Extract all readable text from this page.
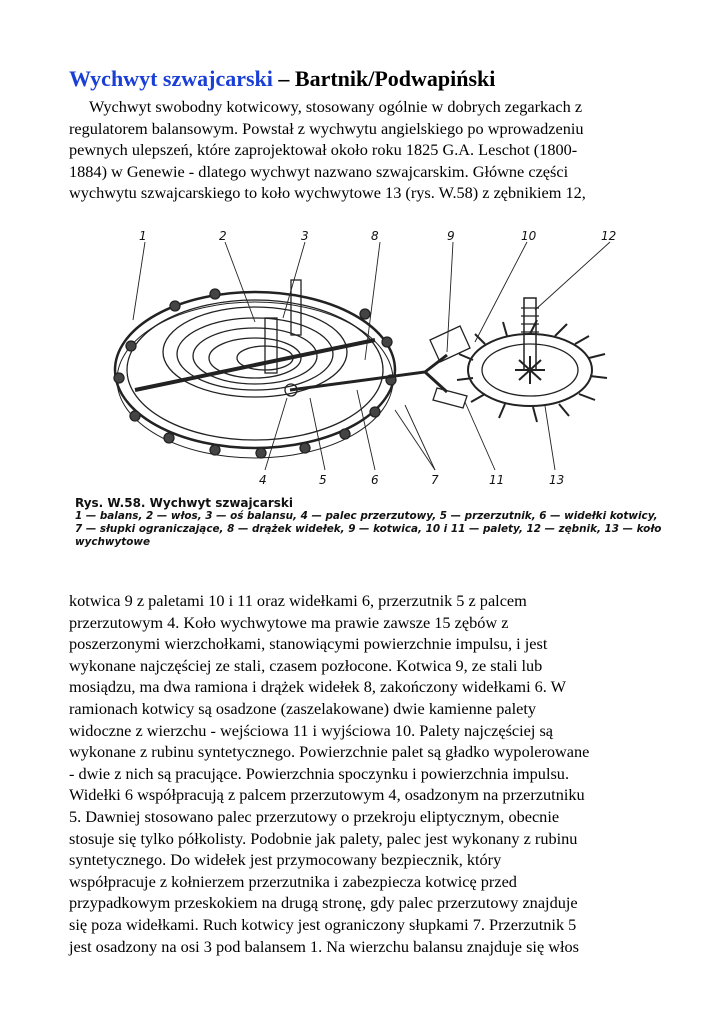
Wychwyt szwajcarski – Bartnik/Podwapiński

Wychwyt swobodny kotwicowy, stosowany ogólnie w dobrych zegarkach z
regulatorem balansowym. Powstał z wychwytu angielskiego po wprowadzeniu
pewnych ulepszeń, które zaprojektował około roku 1825 G.A. Leschot (1800-
1884) w Genewie - dlatego wychwyt nazwano szwajcarskim. Główne części
wychwytu szwajcarskiego to koło wychwytowe 13 (rys. W.58) z zębnikiem 12,

1	2	3	8	9	10	12
4	5	6	7	11	13
Rys. W.58. Wychwyt szwajcarski
1 — balans, 2 — włos, 3 — oś balansu, 4 — palec przerzutowy, 5 — przerzutnik, 6 — widełki kotwicy,
7 — słupki ograniczające, 8 — drążek widełek, 9 — kotwica, 10 i 11 — palety, 12 — zębnik, 13 — koło
wychwytowe

kotwica 9 z paletami 10 i 11 oraz widełkami 6, przerzutnik 5 z palcem
przerzutowym 4. Koło wychwytowe ma prawie zawsze 15 zębów z
poszerzonymi wierzchołkami, stanowiącymi powierzchnie impulsu, i jest
wykonane najczęściej ze stali, czasem pozłocone. Kotwica 9, ze stali lub
mosiądzu, ma dwa ramiona i drążek widełek 8, zakończony widełkami 6. W
ramionach kotwicy są osadzone (zaszelakowane) dwie kamienne palety
widoczne z wierzchu - wejściowa 11 i wyjściowa 10. Palety najczęściej są
wykonane z rubinu syntetycznego. Powierzchnie palet są gładko wypolerowane
- dwie z nich są pracujące. Powierzchnia spoczynku i powierzchnia impulsu.
Widełki 6 współpracują z palcem przerzutowym 4, osadzonym na przerzutniku
5. Dawniej stosowano palec przerzutowy o przekroju eliptycznym, obecnie
stosuje się tylko półkolisty. Podobnie jak palety, palec jest wykonany z rubinu
syntetycznego. Do widełek jest przymocowany bezpiecznik, który
współpracuje z kołnierzem przerzutnika i zabezpiecza kotwicę przed
przypadkowym przeskokiem na drugą stronę, gdy palec przerzutowy znajduje
się poza widełkami. Ruch kotwicy jest ograniczony słupkami 7. Przerzutnik 5
jest osadzony na osi 3 pod balansem 1. Na wierzchu balansu znajduje się włos
